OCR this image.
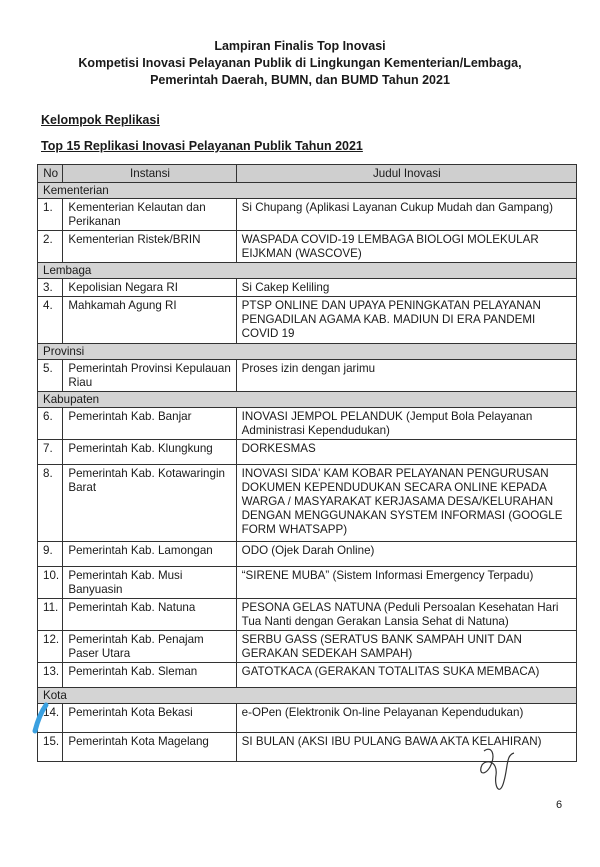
Lampiran Finalis Top Inovasi
Kompetisi Inovasi Pelayanan Publik di Lingkungan Kementerian/Lembaga,
Pemerintah Daerah, BUMN, dan BUMD Tahun 2021
Kelompok Replikasi
Top 15 Replikasi Inovasi Pelayanan Publik Tahun 2021
No	Instansi	Judul Inovasi
Kementerian		
1.	Kementerian Kelautan dan Perikanan	Si Chupang (Aplikasi Layanan Cukup Mudah dan Gampang)
2.	Kementerian Ristek/BRIN	WASPADA COVID-19 LEMBAGA BIOLOGI MOLEKULAR EIJKMAN (WASCOVE)
Lembaga		
3.	Kepolisian Negara RI	Si Cakep Keliling
4.	Mahkamah Agung RI	PTSP ONLINE DAN UPAYA PENINGKATAN PELAYANAN PENGADILAN AGAMA KAB. MADIUN DI ERA PANDEMI COVID 19
Provinsi		
5.	Pemerintah Provinsi Kepulauan Riau	Proses izin dengan jarimu
Kabupaten		
6.	Pemerintah Kab. Banjar	INOVASI JEMPOL PELANDUK (Jemput Bola Pelayanan Administrasi Kependudukan)
7.	Pemerintah Kab. Klungkung	DORKESMAS
8.	Pemerintah Kab. Kotawaringin Barat	INOVASI SIDA' KAM KOBAR PELAYANAN PENGURUSAN DOKUMEN KEPENDUDUKAN SECARA ONLINE KEPADA WARGA / MASYARAKAT KERJASAMA DESA/KELURAHAN DENGAN MENGGUNAKAN SYSTEM INFORMASI (GOOGLE FORM WHATSAPP)
9.	Pemerintah Kab. Lamongan	ODO (Ojek Darah Online)
10.	Pemerintah Kab. Musi Banyuasin	“SIRENE MUBA” (Sistem Informasi Emergency Terpadu)
11.	Pemerintah Kab. Natuna	PESONA GELAS NATUNA (Peduli Persoalan Kesehatan Hari Tua Nanti dengan Gerakan Lansia Sehat di Natuna)
12.	Pemerintah Kab. Penajam Paser Utara	SERBU GASS (SERATUS BANK SAMPAH UNIT DAN GERAKAN SEDEKAH SAMPAH)
13.	Pemerintah Kab. Sleman	GATOTKACA (GERAKAN TOTALITAS SUKA MEMBACA)
Kota		
14.	Pemerintah Kota Bekasi	e-OPen (Elektronik On-line Pelayanan Kependudukan)
15.	Pemerintah Kota Magelang	SI BULAN (AKSI IBU PULANG BAWA AKTA KELAHIRAN)
6
